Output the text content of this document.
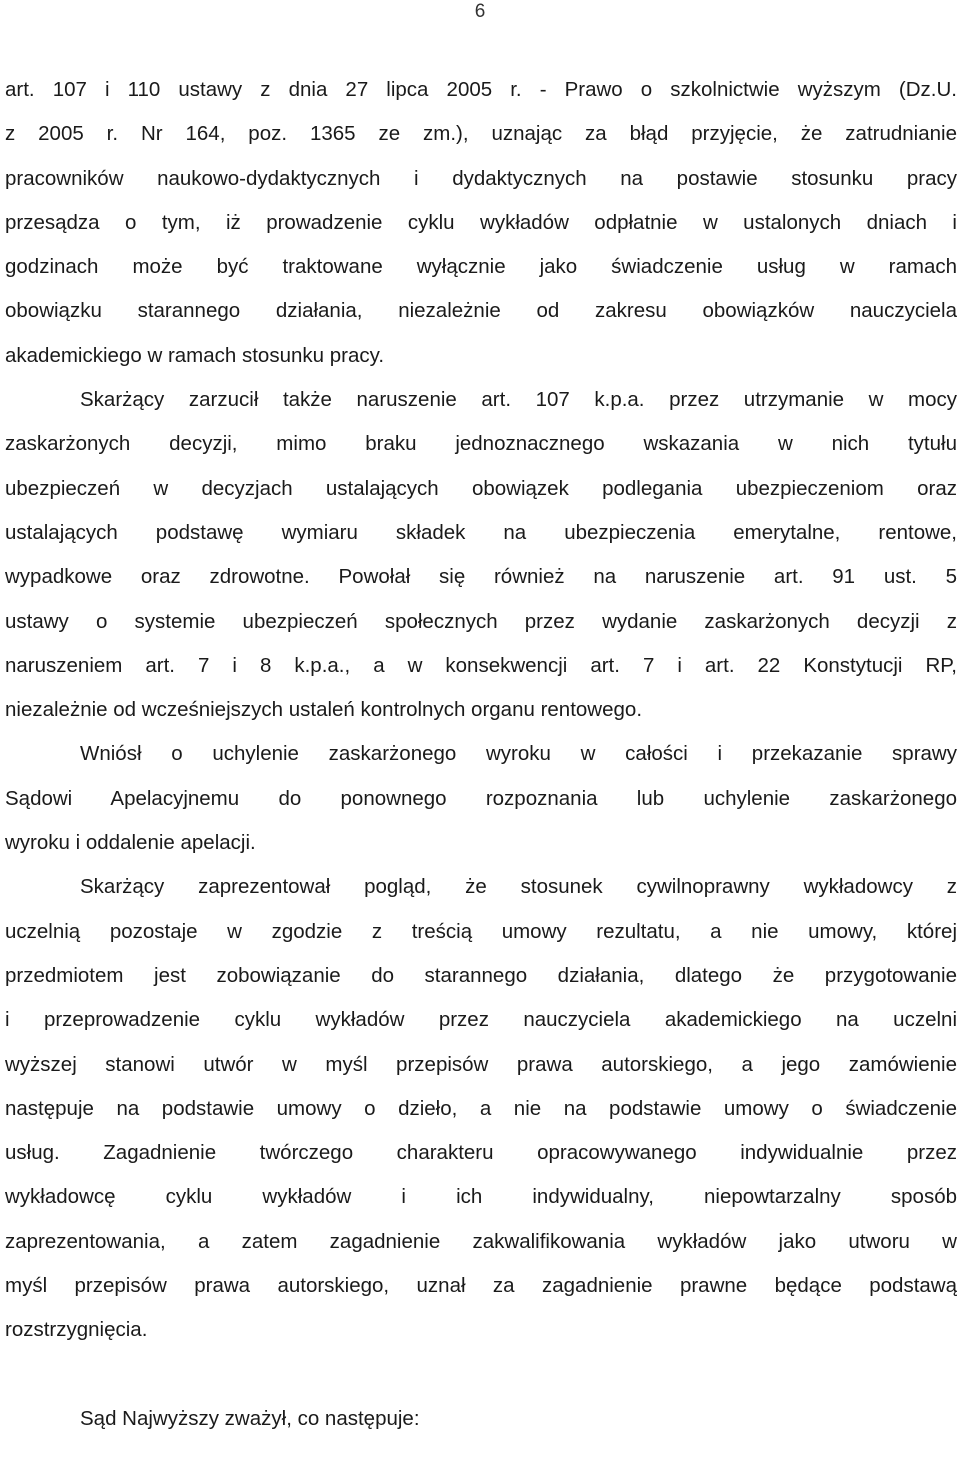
6
art. 107 i 110 ustawy z dnia 27 lipca 2005 r. - Prawo o szkolnictwie wyższym (Dz.U.
z 2005 r. Nr 164, poz. 1365 ze zm.), uznając za błąd przyjęcie, że zatrudnianie
pracowników naukowo-dydaktycznych i dydaktycznych na postawie stosunku pracy
przesądza o tym, iż prowadzenie cyklu wykładów odpłatnie w ustalonych dniach i
godzinach może być traktowane wyłącznie jako świadczenie usług w ramach
obowiązku starannego działania, niezależnie od zakresu obowiązków nauczyciela
akademickiego w ramach stosunku pracy.
Skarżący zarzucił także naruszenie art. 107 k.p.a. przez utrzymanie w mocy
zaskarżonych decyzji, mimo braku jednoznacznego wskazania w nich tytułu
ubezpieczeń w decyzjach ustalających obowiązek podlegania ubezpieczeniom oraz
ustalających podstawę wymiaru składek na ubezpieczenia emerytalne, rentowe,
wypadkowe oraz zdrowotne. Powołał się również na naruszenie art. 91 ust. 5
ustawy o systemie ubezpieczeń społecznych przez wydanie zaskarżonych decyzji z
naruszeniem art. 7 i 8 k.p.a., a w konsekwencji art. 7 i art. 22 Konstytucji RP,
niezależnie od wcześniejszych ustaleń kontrolnych organu rentowego.
Wniósł o uchylenie zaskarżonego wyroku w całości i przekazanie sprawy
Sądowi Apelacyjnemu do ponownego rozpoznania lub uchylenie zaskarżonego
wyroku i oddalenie apelacji.
Skarżący zaprezentował pogląd, że stosunek cywilnoprawny wykładowcy z
uczelnią pozostaje w zgodzie z treścią umowy rezultatu, a nie umowy, której
przedmiotem jest zobowiązanie do starannego działania, dlatego że przygotowanie
i przeprowadzenie cyklu wykładów przez nauczyciela akademickiego na uczelni
wyższej stanowi utwór w myśl przepisów prawa autorskiego, a jego zamówienie
następuje na podstawie umowy o dzieło, a nie na podstawie umowy o świadczenie
usług. Zagadnienie twórczego charakteru opracowywanego indywidualnie przez
wykładowcę cyklu wykładów i ich indywidualny, niepowtarzalny sposób
zaprezentowania, a zatem zagadnienie zakwalifikowania wykładów jako utworu w
myśl przepisów prawa autorskiego, uznał za zagadnienie prawne będące podstawą
rozstrzygnięcia.
Sąd Najwyższy zważył, co następuje:
